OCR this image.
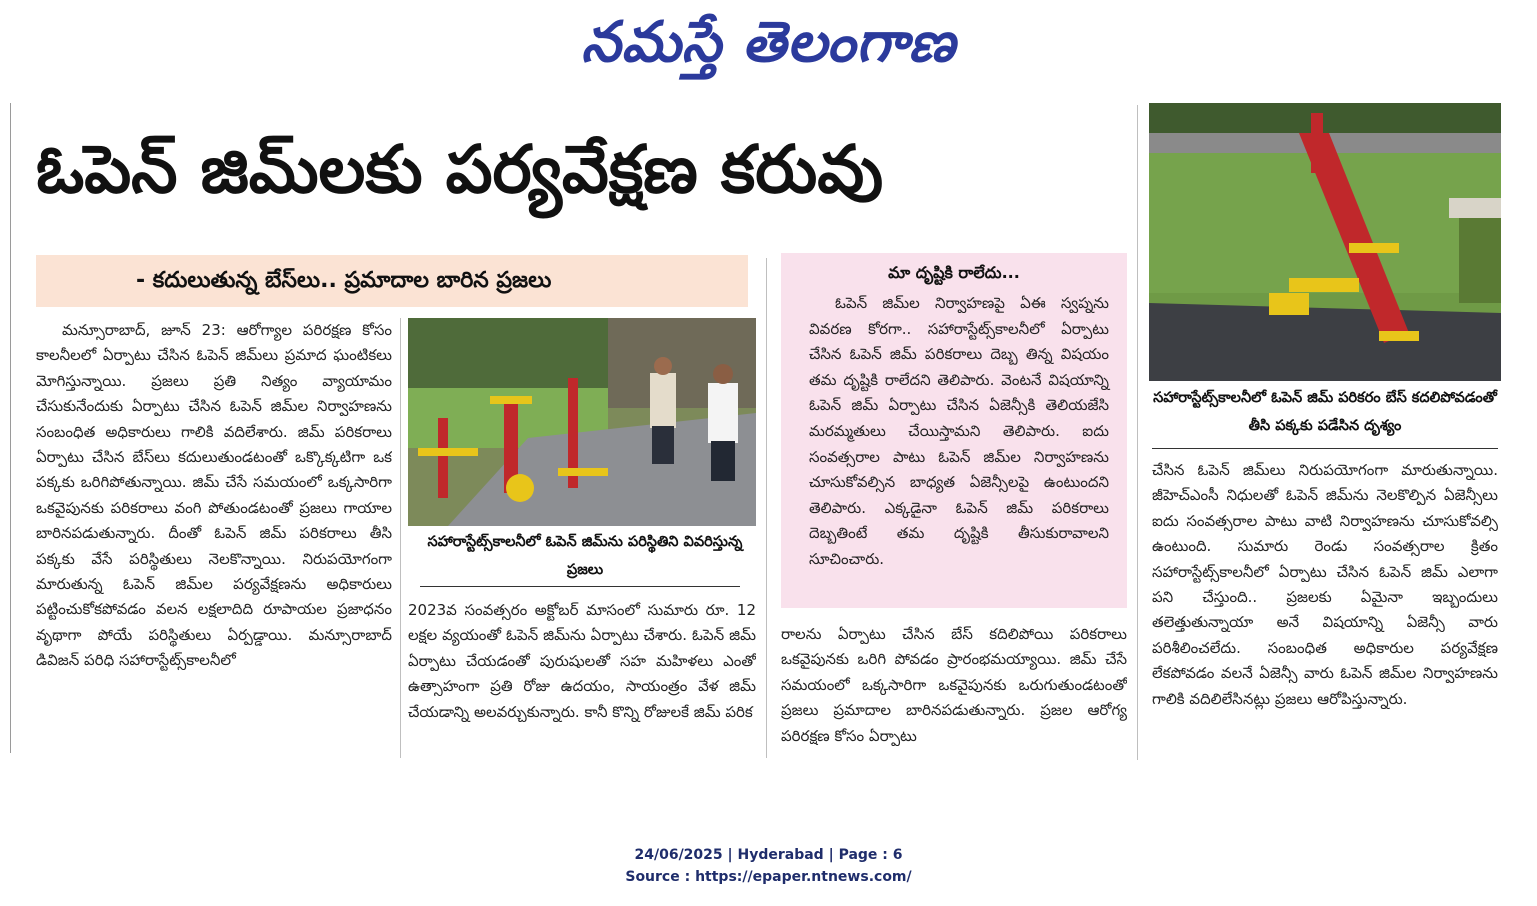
నమస్తే తెలంగాణ
ఓపెన్ జిమ్‌లకు పర్యవేక్షణ కరువు
- కదులుతున్న బేస్‌లు.. ప్రమాదాల బారిన ప్రజలు

మన్సూరాబాద్, జూన్ 23: ఆరోగ్యాల పరిరక్షణ కోసం కాలనీలలో ఏర్పాటు చేసిన ఓపెన్ జిమ్‌లు ప్రమాద ఘంటికలు మోగిస్తున్నాయి. ప్రజలు ప్రతి నిత్యం వ్యాయామం చేసుకునేందుకు ఏర్పాటు చేసిన ఓపెన్ జిమ్‌ల నిర్వాహణను సంబంధిత అధికారులు గాలికి వదిలేశారు. జిమ్ పరికరాలు ఏర్పాటు చేసిన బేస్‌లు కదులుతుండటంతో ఒక్కొక్కటిగా ఒక పక్కకు ఒరిగిపోతున్నాయి. జిమ్ చేసే సమయంలో ఒక్కసారిగా ఒకవైపునకు పరికరాలు వంగి పోతుండటంతో ప్రజలు గాయాల బారినపడుతున్నారు. దీంతో ఓపెన్ జిమ్ పరికరాలు తీసి పక్కకు వేసే పరిస్థితులు నెలకొన్నాయి. నిరుపయోగంగా మారుతున్న ఓపెన్ జిమ్‌ల పర్యవేక్షణను అధికారులు పట్టించుకోకపోవడం వలన లక్షలాదిది రూపాయల ప్రజాధనం వృథాగా పోయే పరిస్థితులు ఏర్పడ్డాయి. మన్సూరాబాద్ డివిజన్ పరిధి సహారాస్టేట్స్‌కాలనీలో

సహారాస్టేట్స్‌కాలనీలో ఓపెన్ జిమ్‌ను పరిస్థితిని వివరిస్తున్న ప్రజలు

2023వ సంవత్సరం అక్టోబర్ మాసంలో సుమారు రూ. 12 లక్షల వ్యయంతో ఓపెన్ జిమ్‌ను ఏర్పాటు చేశారు. ఓపెన్ జిమ్ ఏర్పాటు చేయడంతో పురుషులతో సహ మహిళలు ఎంతో ఉత్సాహంగా ప్రతి రోజు ఉదయం, సాయంత్రం వేళ జిమ్ చేయడాన్ని అలవర్చుకున్నారు. కానీ కొన్ని రోజులకే జిమ్ పరిక

మా దృష్టికి రాలేదు...

ఓపెన్ జిమ్‌ల నిర్వాహణపై ఏఈ స్వప్నను వివరణ కోరగా.. సహారాస్టేట్స్‌కాలనీలో ఏర్పాటు చేసిన ఓపెన్ జిమ్ పరికరాలు దెబ్బ తిన్న విషయం తమ దృష్టికి రాలేదని తెలిపారు. వెంటనే విషయాన్ని ఓపెన్ జిమ్ ఏర్పాటు చేసిన ఏజెన్సీకి తెలియజేసి మరమ్మతులు చేయిస్తామని తెలిపారు. ఐదు సంవత్సరాల పాటు ఓపెన్ జిమ్‌ల నిర్వాహణను చూసుకోవల్సిన బాధ్యత ఏజెన్సీలపై ఉంటుందని తెలిపారు. ఎక్కడైనా ఓపెన్ జిమ్ పరికరాలు దెబ్బతింటే తమ దృష్టికి తీసుకురావాలని సూచించారు.

రాలను ఏర్పాటు చేసిన బేస్ కదిలిపోయి పరికరాలు ఒకవైపునకు ఒరిగి పోవడం ప్రారంభమయ్యాయి. జిమ్ చేసే సమయంలో ఒక్కసారిగా ఒకవైపునకు ఒరుగుతుండటంతో ప్రజలు ప్రమాదాల బారినపడుతున్నారు. ప్రజల ఆరోగ్య పరిరక్షణ కోసం ఏర్పాటు

సహారాస్టేట్స్‌కాలనీలో ఓపెన్ జిమ్ పరికరం బేస్ కదలిపోవడంతో తీసి పక్కకు పడేసిన దృశ్యం

చేసిన ఓపెన్ జిమ్‌లు నిరుపయోగంగా మారుతున్నాయి. జీహెచ్‌ఎంసీ నిధులతో ఓపెన్ జిమ్‌ను నెలకొల్పిన ఏజెన్సీలు ఐదు సంవత్సరాల పాటు వాటి నిర్వాహణను చూసుకోవల్సి ఉంటుంది. సుమారు రెండు సంవత్సరాల క్రితం సహారాస్టేట్స్‌కాలనీలో ఏర్పాటు చేసిన ఓపెన్ జిమ్ ఎలాగా పని చేస్తుంది.. ప్రజలకు ఏమైనా ఇబ్బందులు తలెత్తుతున్నాయా అనే విషయాన్ని ఏజెన్సీ వారు పరిశీలించలేదు. సంబంధిత అధికారుల పర్యవేక్షణ లేకపోవడం వలనే ఏజెన్సీ వారు ఓపెన్ జిమ్‌ల నిర్వాహణను గాలికి వదిలిలేసినట్లు ప్రజలు ఆరోపిస్తున్నారు.

24/06/2025 | Hyderabad | Page : 6
Source : https://epaper.ntnews.com/
